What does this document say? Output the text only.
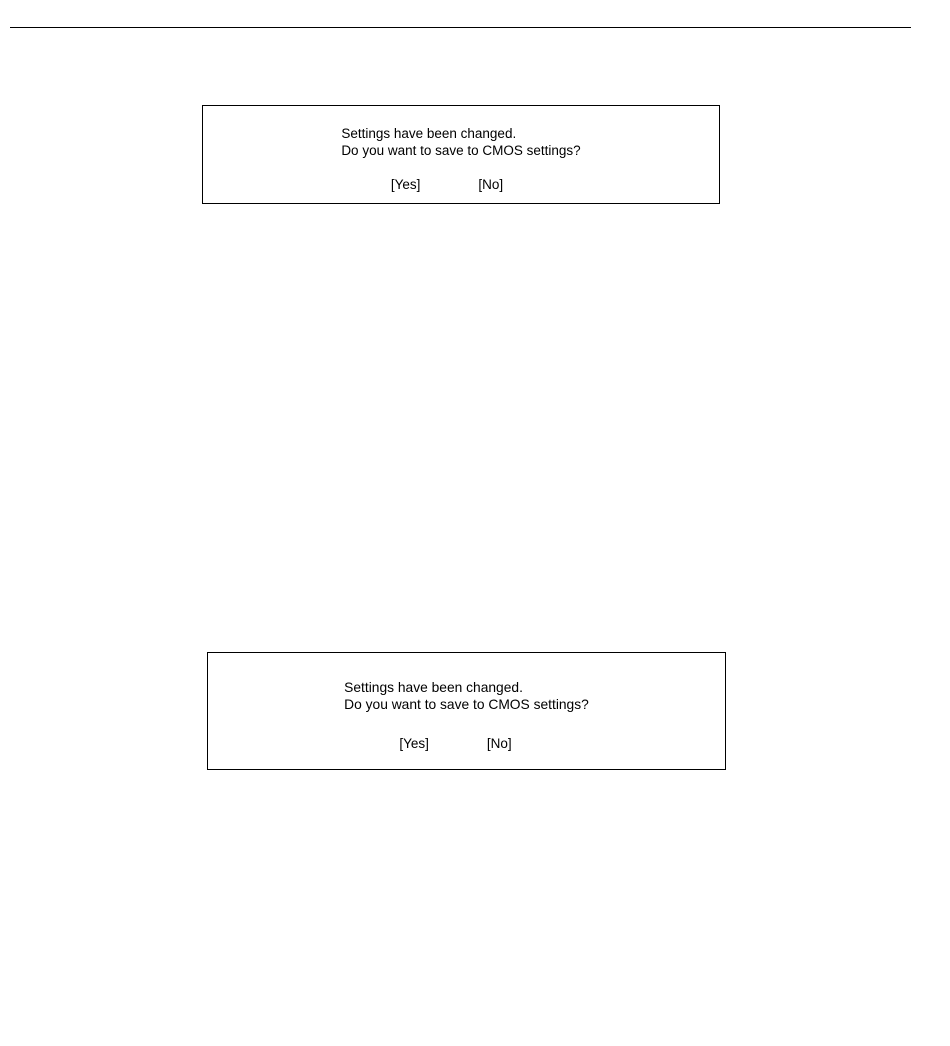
Settings have been changed.
Do you want to save to CMOS settings?
[Yes]	[No]
Settings have been changed.
Do you want to save to CMOS settings?
[Yes]	[No]
